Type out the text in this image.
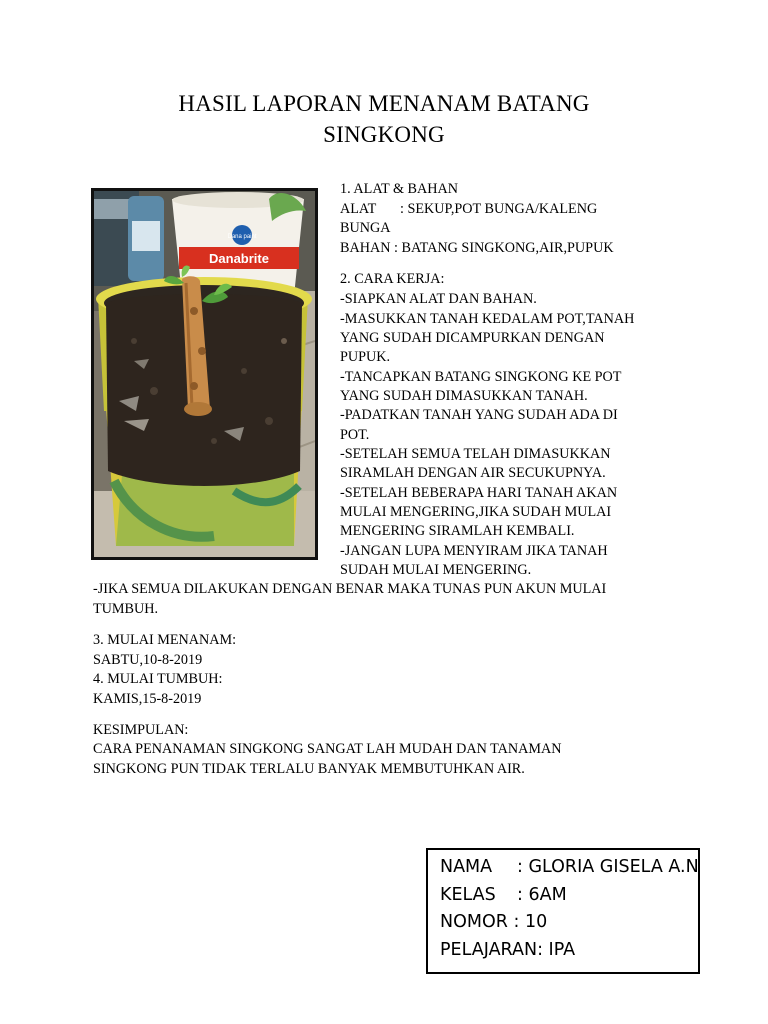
HASIL LAPORAN MENANAM BATANG
SINGKONG
Danabrite
Dana paint
1. ALAT & BAHAN
ALAT : SEKUP,POT BUNGA/KALENG
BUNGA
BAHAN : BATANG SINGKONG,AIR,PUPUK
2. CARA KERJA:
-SIAPKAN ALAT DAN BAHAN.
-MASUKKAN TANAH KEDALAM POT,TANAH
YANG SUDAH DICAMPURKAN DENGAN
PUPUK.
-TANCAPKAN BATANG SINGKONG KE POT
YANG SUDAH DIMASUKKAN TANAH.
-PADATKAN TANAH YANG SUDAH ADA DI
POT.
-SETELAH SEMUA TELAH DIMASUKKAN
SIRAMLAH DENGAN AIR SECUKUPNYA.
-SETELAH BEBERAPA HARI TANAH AKAN
MULAI MENGERING,JIKA SUDAH MULAI
MENGERING SIRAMLAH KEMBALI.
-JANGAN LUPA MENYIRAM JIKA TANAH
SUDAH MULAI MENGERING.
-JIKA SEMUA DILAKUKAN DENGAN BENAR MAKA TUNAS PUN AKUN MULAI
TUMBUH.
3. MULAI MENANAM:
SABTU,10-8-2019
4. MULAI TUMBUH:
KAMIS,15-8-2019
KESIMPULAN:
CARA PENANAMAN SINGKONG SANGAT LAH MUDAH DAN TANAMAN
SINGKONG PUN TIDAK TERLALU BANYAK MEMBUTUHKAN AIR.
NAMA : GLORIA GISELA A.N
KELAS : 6AM
NOMOR : 10
PELAJARAN: IPA
